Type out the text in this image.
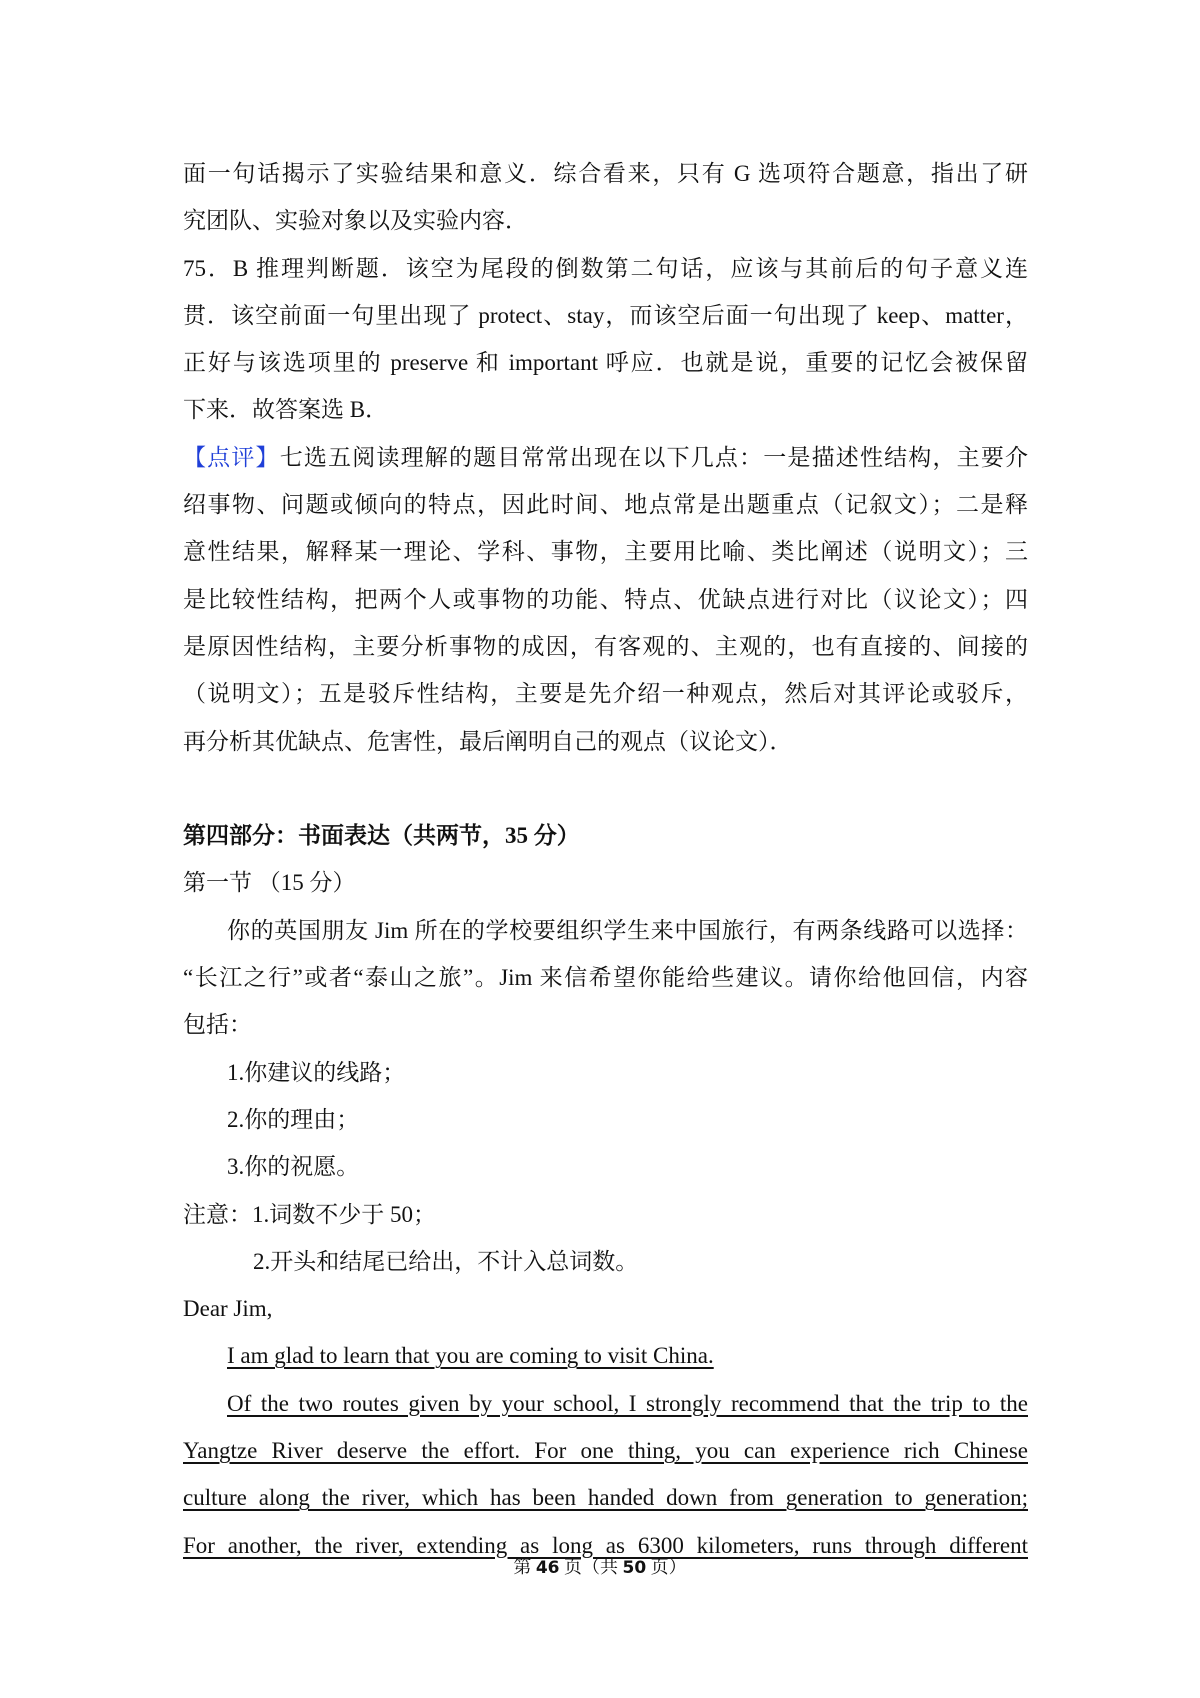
面一句话揭示了实验结果和意义．综合看来，只有 G 选项符合题意，指出了研
究团队、实验对象以及实验内容．
75．B 推理判断题．该空为尾段的倒数第二句话，应该与其前后的句子意义连
贯．该空前面一句里出现了 protect、stay，而该空后面一句出现了 keep、matter，
正好与该选项里的 preserve 和 important 呼应．也就是说，重要的记忆会被保留
下来．故答案选 B．
【点评】七选五阅读理解的题目常常出现在以下几点：一是描述性结构，主要介
绍事物、问题或倾向的特点，因此时间、地点常是出题重点（记叙文）；二是释
意性结果，解释某一理论、学科、事物，主要用比喻、类比阐述（说明文）；三
是比较性结构，把两个人或事物的功能、特点、优缺点进行对比（议论文）；四
是原因性结构，主要分析事物的成因，有客观的、主观的，也有直接的、间接的
（说明文）；五是驳斥性结构，主要是先介绍一种观点，然后对其评论或驳斥，
再分析其优缺点、危害性，最后阐明自己的观点（议论文）．
第四部分：书面表达（共两节，35 分）
第一节 （15 分）
你的英国朋友 Jim 所在的学校要组织学生来中国旅行，有两条线路可以选择：
“长江之行”或者“泰山之旅”。Jim 来信希望你能给些建议。请你给他回信，内容
包括：
1.你建议的线路；
2.你的理由；
3.你的祝愿。
注意：1.词数不少于 50；
2.开头和结尾已给出，不计入总词数。
Dear Jim,
I am glad to learn that you are coming to visit China.
Of the two routes given by your school, I strongly recommend that the trip to the
Yangtze River deserve the effort. For one thing, you can experience rich Chinese
culture along the river, which has been handed down from generation to generation;
For another, the river, extending as long as 6300 kilometers, runs through different
第 46 页（共 50 页）
